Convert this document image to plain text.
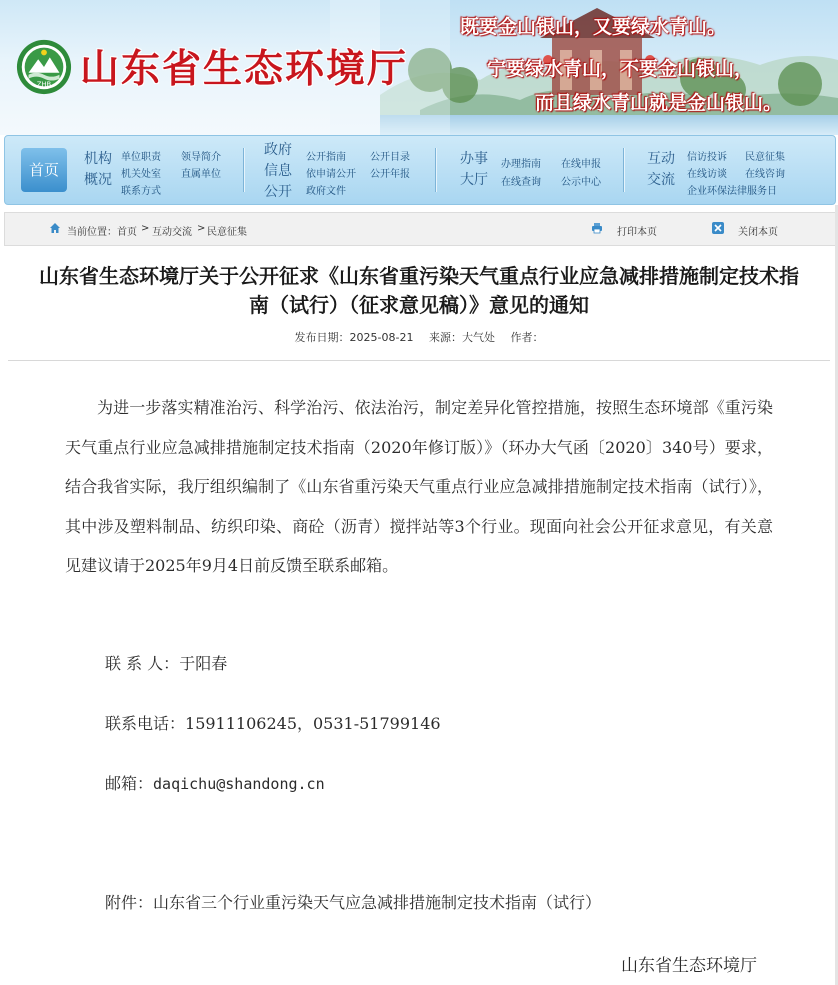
ZHB 山东省生态环境厅
既要金山银山，又要绿水青山。
宁要绿水青山，不要金山银山，
而且绿水青山就是金山银山。
首页
机构概况
单位职责 领导简介
机关处室 直属单位
联系方式
政府信息公开
公开指南 公开目录
依申请公开 公开年报
政府文件
办事大厅
办理指南 在线申报
在线查询 公示中心
互动交流
信访投诉 民意征集
在线访谈 在线咨询
企业环保法律服务日
当前位置： 首页 > 互动交流 > 民意征集	打印本页	关闭本页
山东省生态环境厅关于公开征求《山东省重污染天气重点行业应急减排措施制定技术指
南（试行）（征求意见稿）》意见的通知
发布日期：2025-08-21 来源：大气处 作者：

为进一步落实精准治污、科学治污、依法治污，制定差异化管控措施，按照生态环境部《重污染天气重点行业应急减排措施制定技术指南（2020年修订版）》（环办大气函〔2020〕340号）要求，结合我省实际，我厅组织编制了《山东省重污染天气重点行业应急减排措施制定技术指南（试行）》，其中涉及塑料制品、纺织印染、商砼（沥青）搅拌站等3个行业。现面向社会公开征求意见，有关意见建议请于2025年9月4日前反馈至联系邮箱。

联 系 人：于阳春
联系电话：15911106245，0531-51799146
邮箱：daqichu@shandong.cn
附件：山东省三个行业重污染天气应急减排措施制定技术指南（试行）
山东省生态环境厅
